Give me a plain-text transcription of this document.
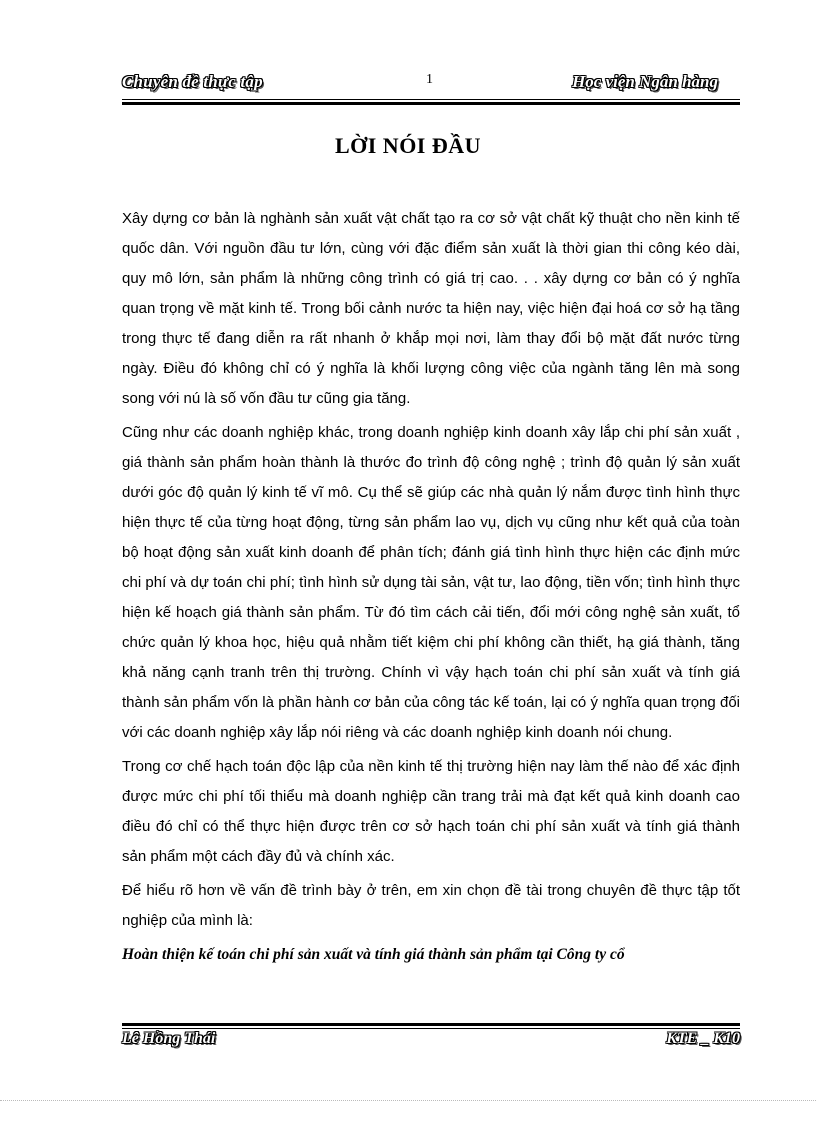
Chuyên đề thực tập	1	Học viện Ngân hàng
LỜI NÓI ĐẦU

Xây dựng cơ bản là nghành sản xuất vật chất tạo ra cơ sở vật chất kỹ thuật cho nền kinh tế quốc dân. Với nguồn đầu tư lớn, cùng với đặc điểm sản xuất là thời gian thi công kéo dài, quy mô lớn, sản phẩm là những công trình có giá trị cao. . . xây dựng cơ bản có ý nghĩa quan trọng về mặt kinh tế. Trong bối cảnh nước ta hiện nay, việc hiện đại hoá cơ sở hạ tầng trong thực tế đang diễn ra rất nhanh ở khắp mọi nơi, làm thay đổi bộ mặt đất nước từng ngày. Điều đó không chỉ có ý nghĩa là khối lượng công việc của ngành tăng lên mà song song với nú là số vốn đầu tư cũng gia tăng.

Cũng như các doanh nghiệp khác, trong doanh nghiệp kinh doanh xây lắp chi phí sản xuất , giá thành sản phẩm hoàn thành là thước đo trình độ công nghệ ; trình độ quản lý sản xuất dưới góc độ quản lý kinh tế vĩ mô. Cụ thể sẽ giúp các nhà quản lý nắm được tình hình thực hiện thực tế của từng hoạt động, từng sản phẩm lao vụ, dịch vụ cũng như kết quả của toàn bộ hoạt động sản xuất kinh doanh để phân tích; đánh giá tình hình thực hiện các định mức chi phí và dự toán chi phí; tình hình sử dụng tài sản, vật tư, lao động, tiền vốn; tình hình thực hiện kế hoạch giá thành sản phẩm. Từ đó tìm cách cải tiến, đổi mới công nghệ sản xuất, tổ chức quản lý khoa học, hiệu quả nhằm tiết kiệm chi phí không cần thiết, hạ giá thành, tăng khả năng cạnh tranh trên thị trường. Chính vì vậy hạch toán chi phí sản xuất và tính giá thành sản phẩm vốn là phần hành cơ bản của công tác kế toán, lại có ý nghĩa quan trọng đối với các doanh nghiệp xây lắp nói riêng và các doanh nghiệp kinh doanh nói chung.

Trong cơ chế hạch toán độc lập của nền kinh tế thị trường hiện nay làm thế nào để xác định được mức chi phí tối thiểu mà doanh nghiệp cần trang trải mà đạt kết quả kinh doanh cao điều đó chỉ có thể thực hiện được trên cơ sở hạch toán chi phí sản xuất và tính giá thành sản phẩm một cách đầy đủ và chính xác.

Để hiểu rõ hơn về vấn đề trình bày ở trên, em xin chọn đề tài trong chuyên đề thực tập tốt nghiệp của mình là:

Hoàn thiện kế toán chi phí sản xuất và tính giá thành sản phẩm tại Công ty cổ

Lê Hồng Thái	KTE _ K10
